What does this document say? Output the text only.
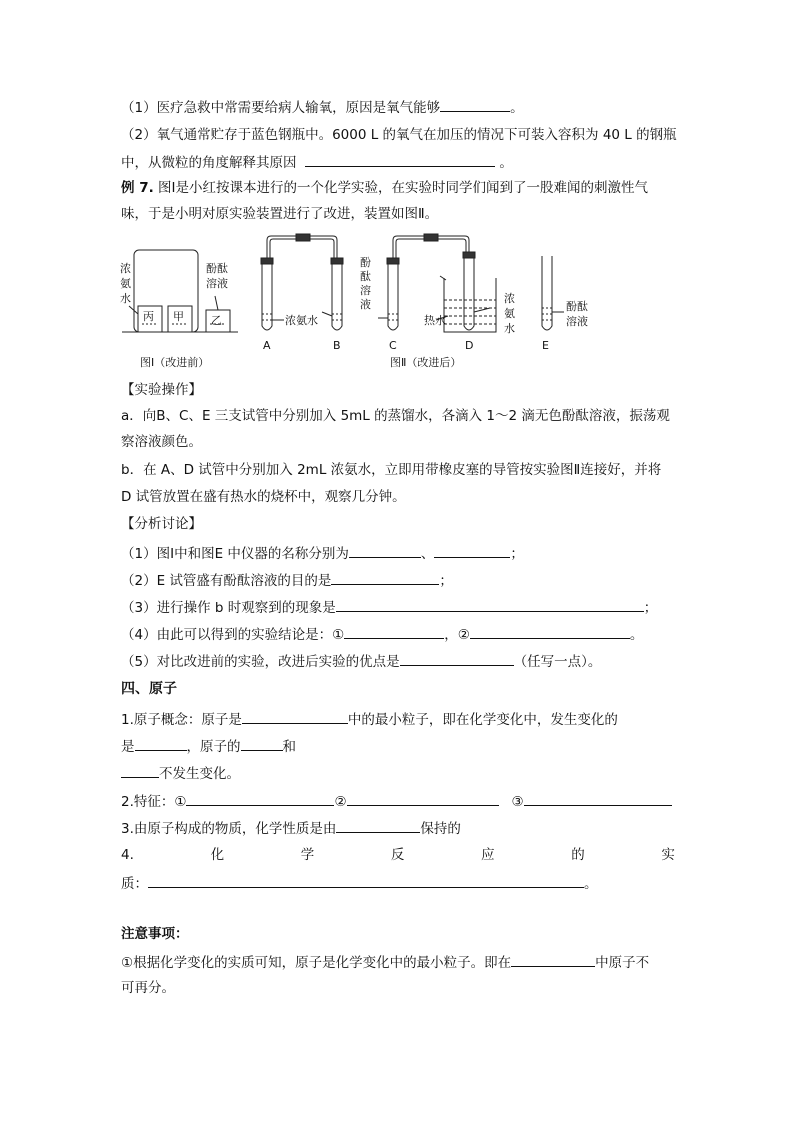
（1）医疗急救中常需要给病人输氧，原因是氧气能够	。
（2）氧气通常贮存于蓝色钢瓶中。6000 L 的氧气在加压的情况下可装入容积为 40 L 的钢瓶
中，从微粒的角度解释其原因	。
例 7. 图Ⅰ是小红按课本进行的一个化学实验，在实验时同学们闻到了一股难闻的刺激性气
味，于是小明对原实验装置进行了改进，装置如图Ⅱ。
浓
氨
水
酚酞
溶液
丙 甲 乙
图Ⅰ（改进前）
浓氨水
酚
酞
溶
液
热水
浓
氨
水
酚酞
溶液
A	B	C	D	E
图Ⅱ（改进后）
【实验操作】
a．向B、C、E 三支试管中分别加入 5mL 的蒸馏水，各滴入 1～2 滴无色酚酞溶液，振荡观
察溶液颜色。
b．在 A、D 试管中分别加入 2mL 浓氨水，立即用带橡皮塞的导管按实验图Ⅱ连接好，并将
D 试管放置在盛有热水的烧杯中，观察几分钟。
【分析讨论】
（1）图Ⅰ中和图E 中仪器的名称分别为	、	；
（2）E 试管盛有酚酞溶液的目的是	；
（3）进行操作 b 时观察到的现象是	；
（4）由此可以得到的实验结论是：①	，②	。
（5）对比改进前的实验，改进后实验的优点是	（任写一点）。
四、原子
1.原子概念：原子是	中的最小粒子，即在化学变化中，发生变化的
是	，原子的	和
不发生变化。
2.特征：①	②	③
3.由原子构成的物质，化学性质是由	保持的
4.	化	学	反	应	的	实
质：	。
注意事项：
①根据化学变化的实质可知，原子是化学变化中的最小粒子。即在	中原子不
可再分。
